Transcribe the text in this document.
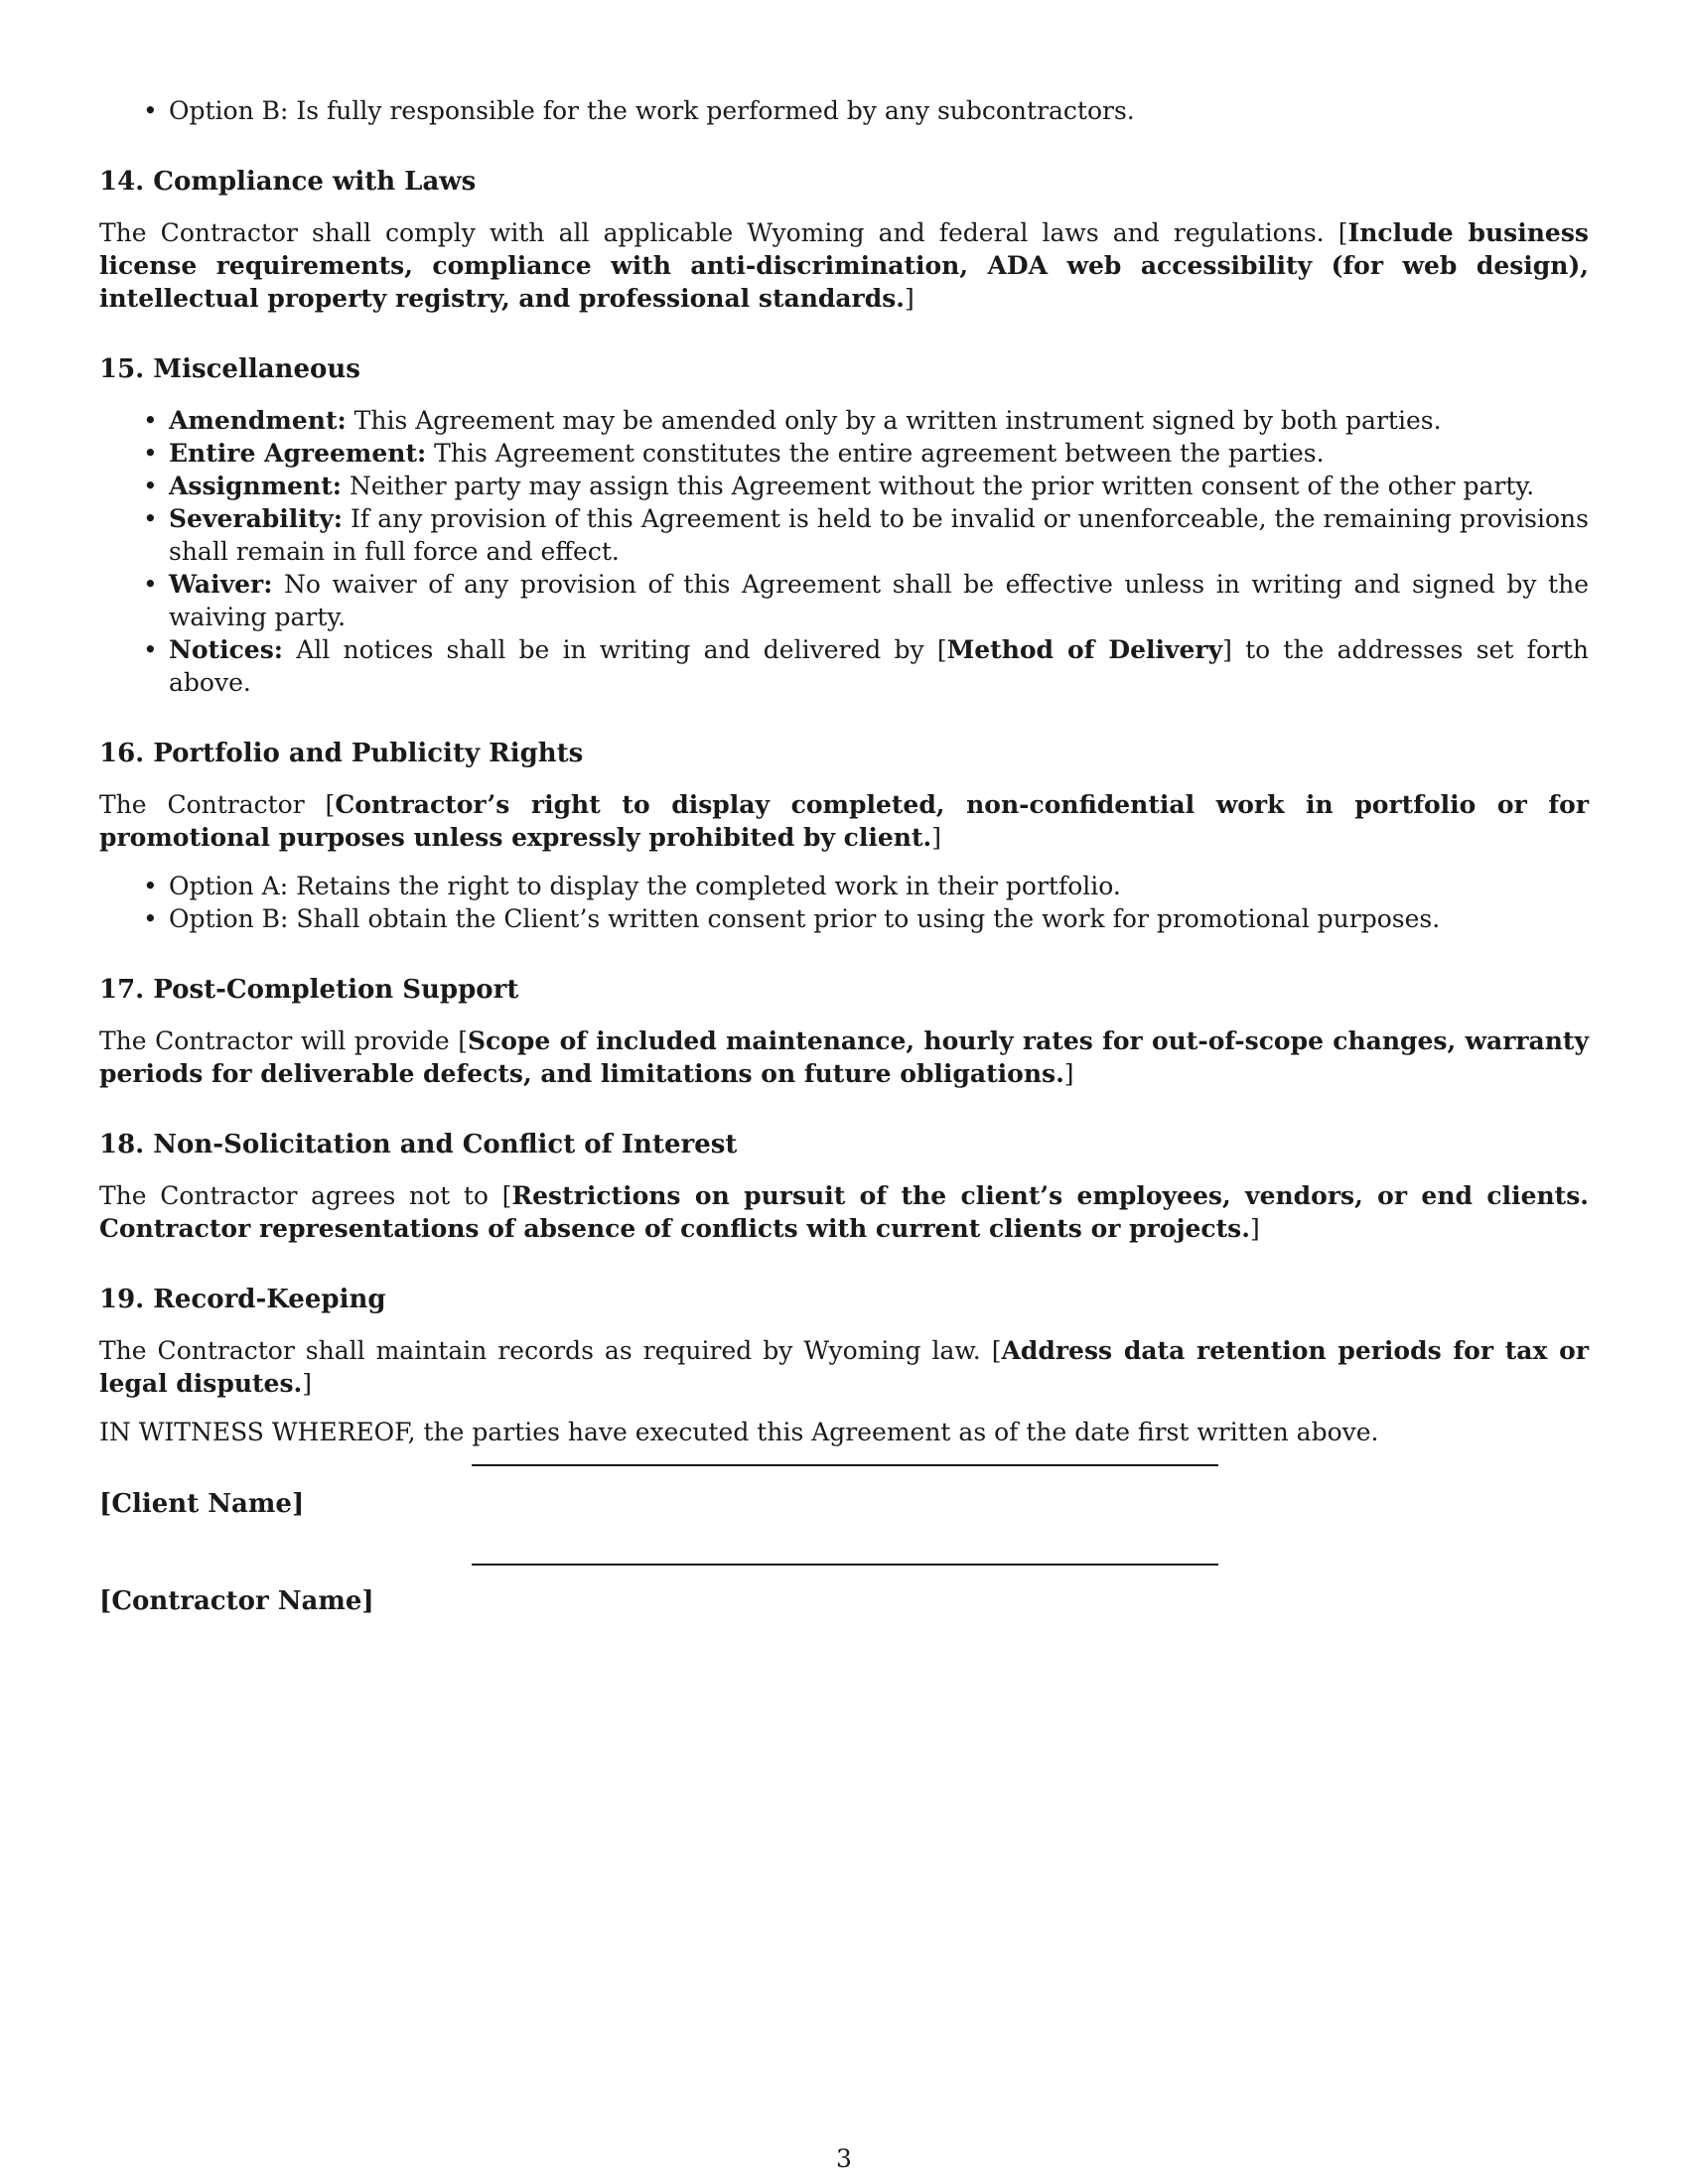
• Option B: Is fully responsible for the work performed by any subcontractors.
14. Compliance with Laws

The Contractor shall comply with all applicable Wyoming and federal laws and regulations. [Include business license requirements, compliance with anti-discrimination, ADA web accessibility (for web design), intellectual property registry, and professional standards.]

15. Miscellaneous
• Amendment: This Agreement may be amended only by a written instrument signed by both parties.
• Entire Agreement: This Agreement constitutes the entire agreement between the parties.
• Assignment: Neither party may assign this Agreement without the prior written consent of the other party.
• Severability: If any provision of this Agreement is held to be invalid or unenforceable, the remaining provisions shall remain in full force and effect.
• Waiver: No waiver of any provision of this Agreement shall be effective unless in writing and signed by the waiving party.
• Notices: All notices shall be in writing and delivered by [Method of Delivery] to the addresses set forth above.
16. Portfolio and Publicity Rights

The Contractor [Contractor’s right to display completed, non-confidential work in portfolio or for promotional purposes unless expressly prohibited by client.]

• Option A: Retains the right to display the completed work in their portfolio.
• Option B: Shall obtain the Client’s written consent prior to using the work for promotional purposes.
17. Post-Completion Support

The Contractor will provide [Scope of included maintenance, hourly rates for out-of-scope changes, warranty periods for deliverable defects, and limitations on future obligations.]

18. Non-Solicitation and Conflict of Interest

The Contractor agrees not to [Restrictions on pursuit of the client’s employees, vendors, or end clients. Contractor representations of absence of conflicts with current clients or projects.]

19. Record-Keeping

The Contractor shall maintain records as required by Wyoming law. [Address data retention periods for tax or legal disputes.]

IN WITNESS WHEREOF, the parties have executed this Agreement as of the date first written above.

[Client Name]
[Contractor Name]
3
